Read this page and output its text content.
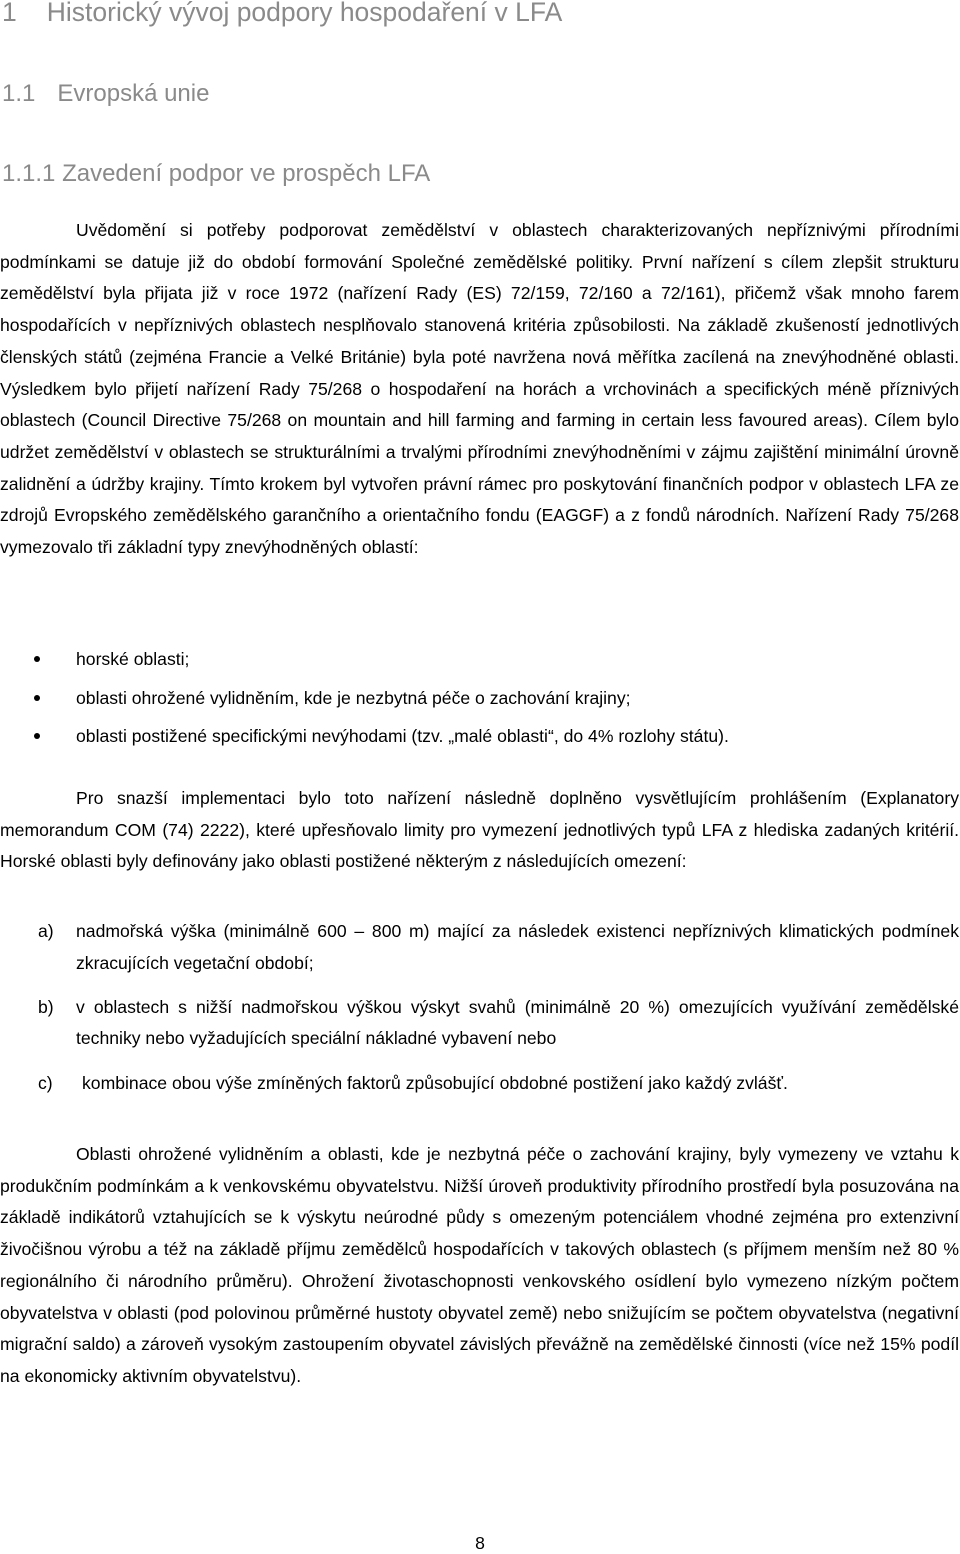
1 Historický vývoj podpory hospodaření v LFA
1.1 Evropská unie
1.1.1 Zavedení podpor ve prospěch LFA

Uvědomění si potřeby podporovat zemědělství v oblastech charakterizovaných nepříznivými přírodními podmínkami se datuje již do období formování Společné zemědělské politiky. První nařízení s cílem zlepšit strukturu zemědělství byla přijata již v roce 1972 (nařízení Rady (ES) 72/159, 72/160 a 72/161), přičemž však mnoho farem hospodařících v nepříznivých oblastech nesplňovalo stanovená kritéria způsobilosti. Na základě zkušeností jednotlivých členských států (zejména Francie a Velké Británie) byla poté navržena nová měřítka zacílená na znevýhodněné oblasti. Výsledkem bylo přijetí nařízení Rady 75/268 o hospodaření na horách a vrchovinách a specifických méně příznivých oblastech (Council Directive 75/268 on mountain and hill farming and farming in certain less favoured areas). Cílem bylo udržet zemědělství v oblastech se strukturálními a trvalými přírodními znevýhodněními v zájmu zajištění minimální úrovně zalidnění a údržby krajiny. Tímto krokem byl vytvořen právní rámec pro poskytování finančních podpor v oblastech LFA ze zdrojů Evropského zemědělského garančního a orientačního fondu (EAGGF) a z fondů národních. Nařízení Rady 75/268 vymezovalo tři základní typy znevýhodněných oblastí:

horské oblasti;
oblasti ohrožené vylidněním, kde je nezbytná péče o zachování krajiny;
oblasti postižené specifickými nevýhodami (tzv. „malé oblasti“, do 4% rozlohy státu).

Pro snazší implementaci bylo toto nařízení následně doplněno vysvětlujícím prohlášením (Explanatory memorandum COM (74) 2222), které upřesňovalo limity pro vymezení jednotlivých typů LFA z hlediska zadaných kritérií. Horské oblasti byly definovány jako oblasti postižené některým z následujících omezení:

a) nadmořská výška (minimálně 600 – 800 m) mající za následek existenci nepříznivých klimatických podmínek zkracujících vegetační období;
b) v oblastech s nižší nadmořskou výškou výskyt svahů (minimálně 20 %) omezujících využívání zemědělské techniky nebo vyžadujících speciální nákladné vybavení nebo
c) kombinace obou výše zmíněných faktorů způsobující obdobné postižení jako každý zvlášť.

Oblasti ohrožené vylidněním a oblasti, kde je nezbytná péče o zachování krajiny, byly vymezeny ve vztahu k produkčním podmínkám a k venkovskému obyvatelstvu. Nižší úroveň produktivity přírodního prostředí byla posuzována na základě indikátorů vztahujících se k výskytu neúrodné půdy s omezeným potenciálem vhodné zejména pro extenzivní živočišnou výrobu a též na základě příjmu zemědělců hospodařících v takových oblastech (s příjmem menším než 80 % regionálního či národního průměru). Ohrožení životaschopnosti venkovského osídlení bylo vymezeno nízkým počtem obyvatelstva v oblasti (pod polovinou průměrné hustoty obyvatel země) nebo snižujícím se počtem obyvatelstva (negativní migrační saldo) a zároveň vysokým zastoupením obyvatel závislých převážně na zemědělské činnosti (více než 15% podíl na ekonomicky aktivním obyvatelstvu).

8
